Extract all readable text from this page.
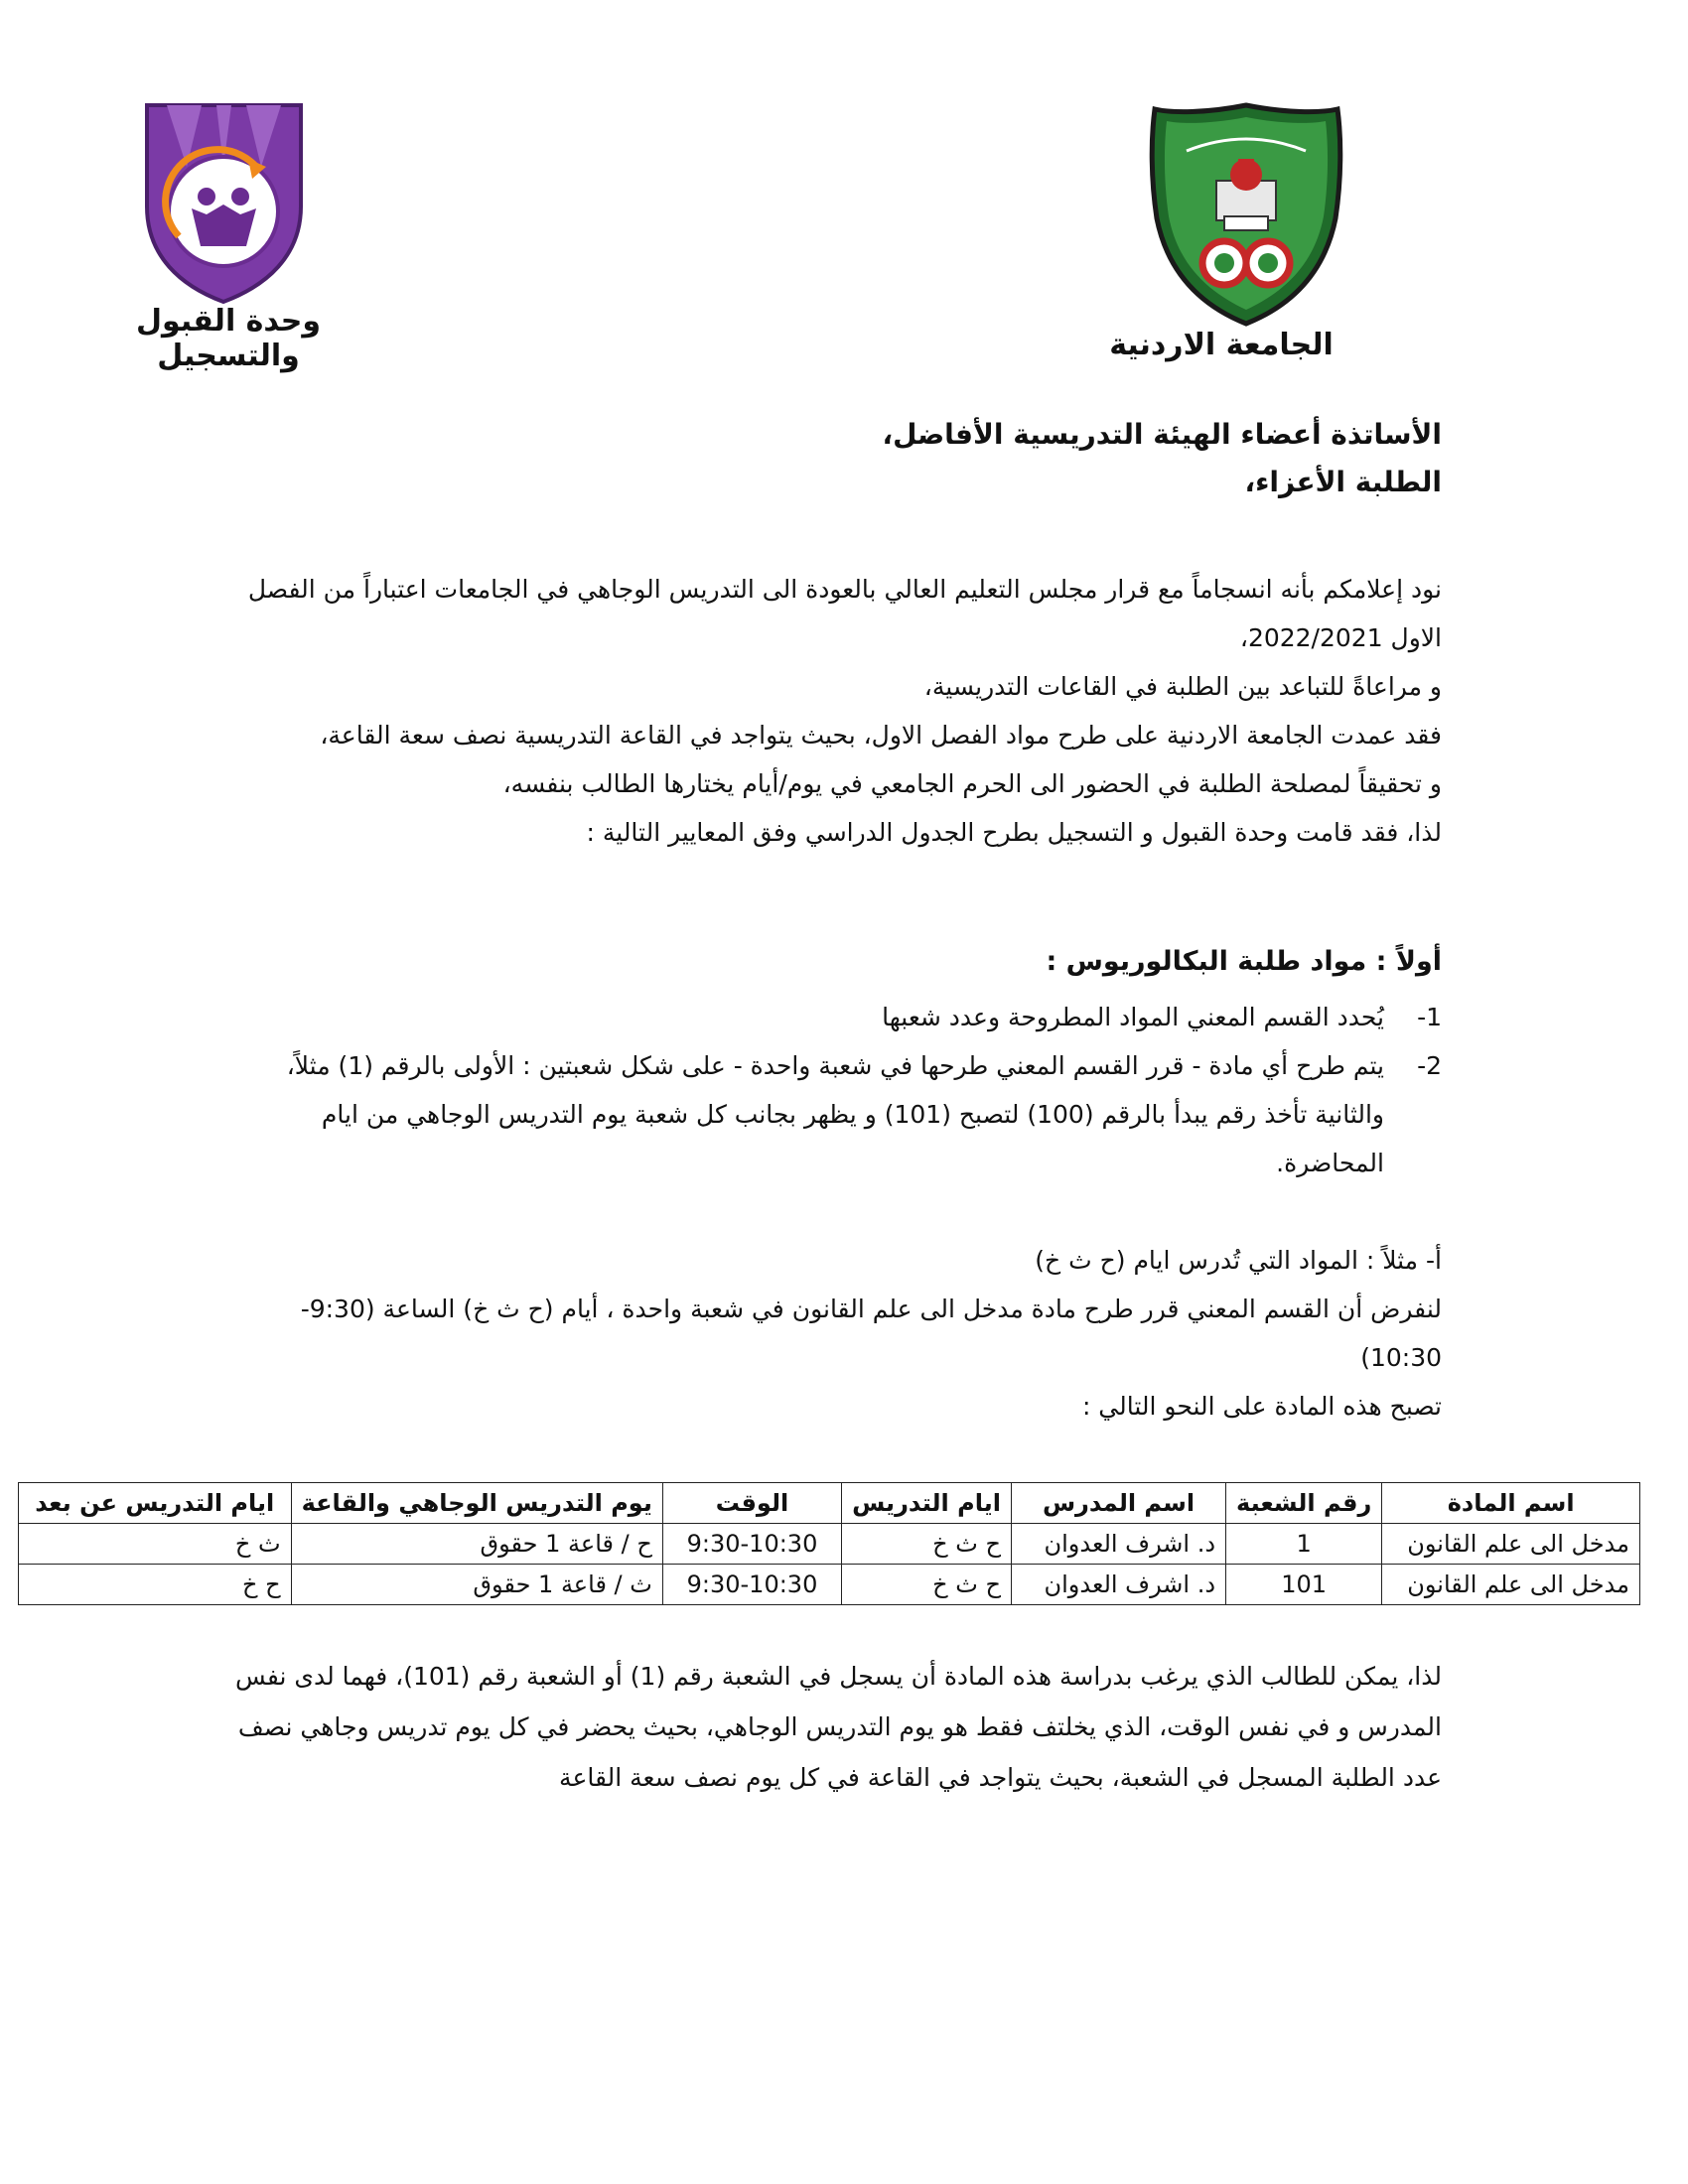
الجامعة الاردنية
وحدة القبول والتسجيل
الأساتذة أعضاء الهيئة التدريسية الأفاضل،
الطلبة الأعزاء،

نود إعلامكم بأنه انسجاماً مع قرار مجلس التعليم العالي بالعودة الى التدريس الوجاهي في الجامعات اعتباراً من الفصل الاول 2022/2021،

و مراعاةً للتباعد بين الطلبة في القاعات التدريسية،

فقد عمدت الجامعة الاردنية على طرح مواد الفصل الاول، بحيث يتواجد في القاعة التدريسية نصف سعة القاعة،

و تحقيقاً لمصلحة الطلبة في الحضور الى الحرم الجامعي في يوم/أيام يختارها الطالب بنفسه،

لذا، فقد قامت وحدة القبول و التسجيل بطرح الجدول الدراسي وفق المعايير التالية :

أولاً : مواد طلبة البكالوريوس :
1-
يُحدد القسم المعني المواد المطروحة وعدد شعبها
2-
يتم طرح أي مادة - قرر القسم المعني طرحها في شعبة واحدة - على شكل شعبتين : الأولى بالرقم (1) مثلاً، والثانية تأخذ رقم يبدأ بالرقم (100) لتصبح (101) و يظهر بجانب كل شعبة يوم التدريس الوجاهي من ايام المحاضرة.

أ- مثلاً : المواد التي تُدرس ايام (ح ث خ)

لنفرض أن القسم المعني قرر طرح مادة مدخل الى علم القانون في شعبة واحدة ، أيام (ح ث خ) الساعة (9:30-10:30)

تصبح هذه المادة على النحو التالي :

اسم المادة	رقم الشعبة	اسم المدرس	ايام التدريس	الوقت	يوم التدريس الوجاهي والقاعة	ايام التدريس عن بعد
مدخل الى علم القانون	1	د. اشرف العدوان	ح ث خ	9:30-10:30	ح / قاعة 1 حقوق	ث خ
مدخل الى علم القانون	101	د. اشرف العدوان	ح ث خ	9:30-10:30	ث / قاعة 1 حقوق	ح خ

لذا، يمكن للطالب الذي يرغب بدراسة هذه المادة أن يسجل في الشعبة رقم (1) أو الشعبة رقم (101)، فهما لدى نفس المدرس و في نفس الوقت، الذي يخلتف فقط هو يوم التدريس الوجاهي، بحيث يحضر في كل يوم تدريس وجاهي نصف عدد الطلبة المسجل في الشعبة، بحيث يتواجد في القاعة في كل يوم نصف سعة القاعة
